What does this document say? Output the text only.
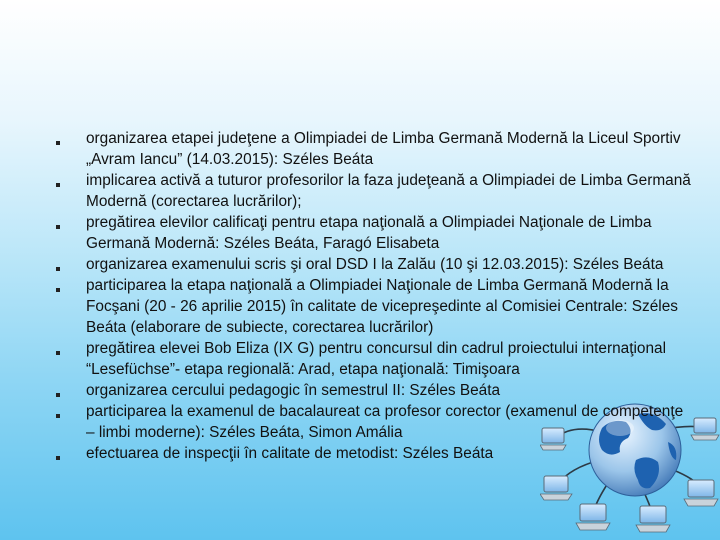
organizarea etapei judeţene a Olimpiadei de Limba Germană Modernă la Liceul Sportiv „Avram Iancu” (14.03.2015): Széles Beáta
implicarea activă a tuturor profesorilor la faza judeţeană a Olimpiadei de Limba Germană Modernă (corectarea lucrărilor);
pregătirea elevilor calificaţi pentru etapa naţională a Olimpiadei Naţionale de Limba Germană Modernă: Széles Beáta, Faragó Elisabeta
organizarea examenului scris şi oral DSD I la Zalău (10 şi 12.03.2015): Széles Beáta
participarea la etapa naţională a Olimpiadei Naţionale de Limba Germană Modernă la Focşani (20 - 26 aprilie 2015) în calitate de vicepreşedinte al Comisiei Centrale: Széles Beáta (elaborare de subiecte, corectarea lucrărilor)
pregătirea elevei Bob Eliza (IX G) pentru concursul din cadrul proiectului internaţional “Lesefüchse”- etapa regională: Arad, etapa naţională: Timişoara
organizarea cercului pedagogic în semestrul II: Széles Beáta
participarea la examenul de bacalaureat ca profesor corector (examenul de competenţe – limbi moderne): Széles Beáta, Simon Amália
efectuarea de inspecţii în calitate de metodist: Széles Beáta
